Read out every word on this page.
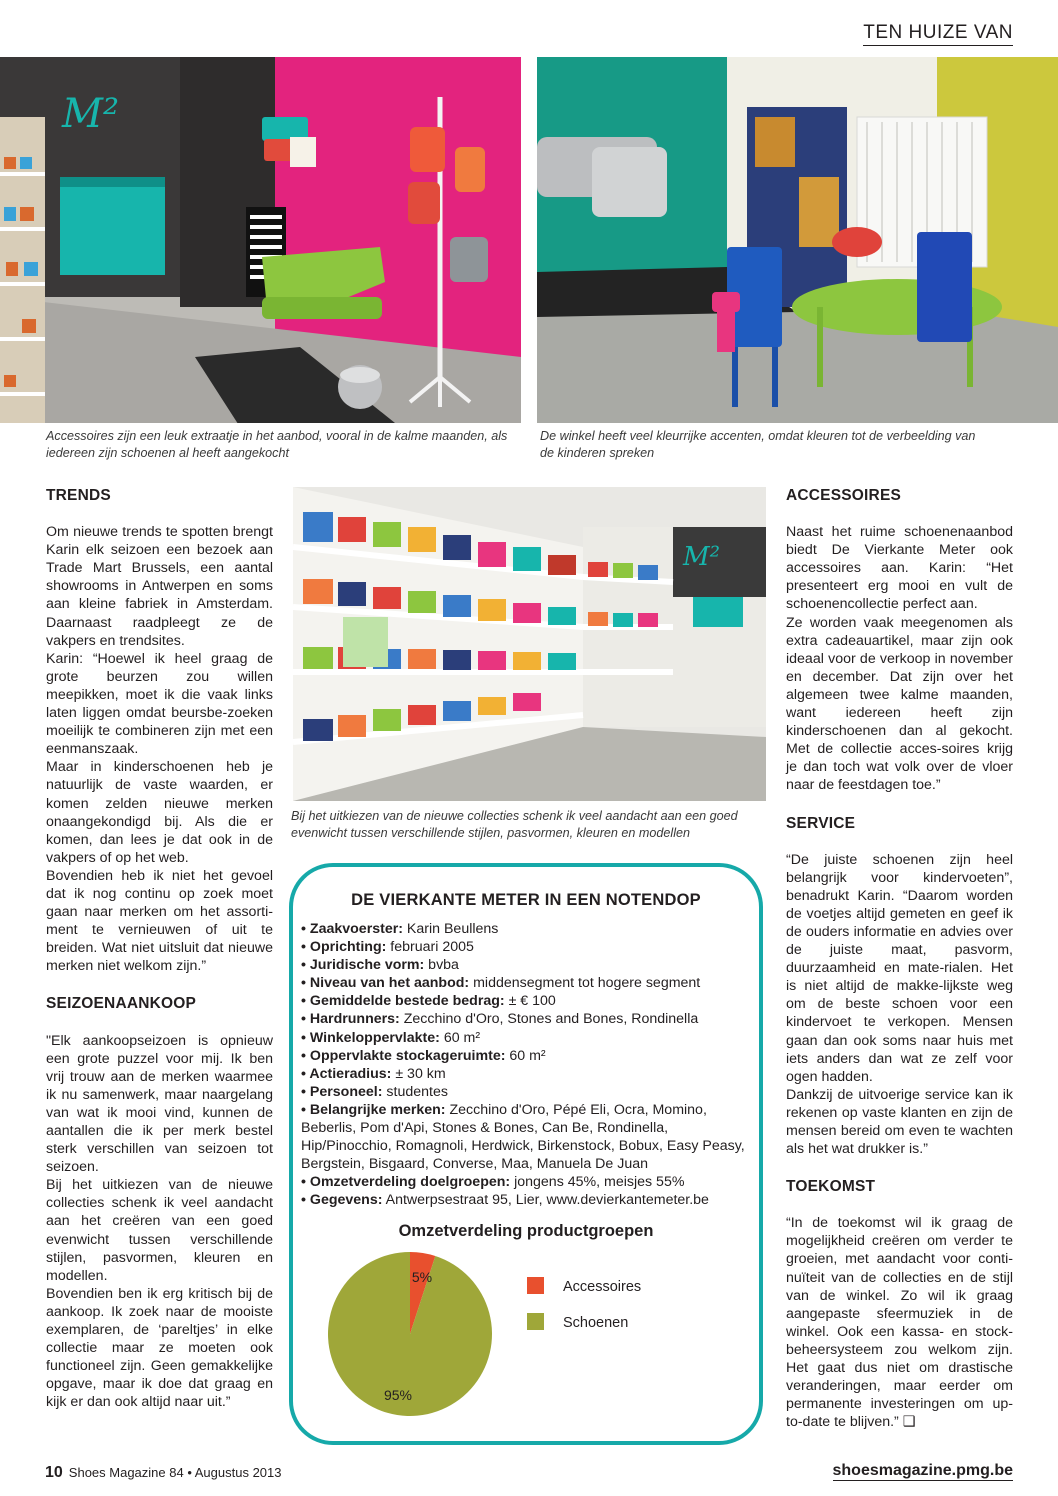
TEN HUIZE VAN
M²
Accessoires zijn een leuk extraatje in het aanbod, vooral in de kalme maanden, als iedereen zijn schoenen al heeft aangekocht
De winkel heeft veel kleurrijke accenten, omdat kleuren tot de verbeelding van de kinderen spreken
M²
Bij het uitkiezen van de nieuwe collecties schenk ik veel aandacht aan een goed evenwicht tussen verschillende stijlen, pasvormen, kleuren en modellen
TRENDS

Om nieuwe trends te spotten brengt Karin elk seizoen een bezoek aan Trade Mart Brussels, een aantal showrooms in Antwerpen en soms aan kleine fabriek in Amsterdam. Daarnaast raadpleegt ze de vakpers en trendsites.

Karin: “Hoewel ik heel graag de grote beurzen zou willen meepikken, moet ik die vaak links laten liggen omdat beursbe-zoeken moeilijk te combineren zijn met een eenmanszaak.

Maar in kinderschoenen heb je natuurlijk de vaste waarden, er komen zelden nieuwe merken onaangekondigd bij. Als die er komen, dan lees je dat ook in de vakpers of op het web.

Bovendien heb ik niet het gevoel dat ik nog continu op zoek moet gaan naar merken om het assorti-ment te vernieuwen of uit te breiden. Wat niet uitsluit dat nieuwe merken niet welkom zijn.”

SEIZOENAANKOOP

"Elk aankoopseizoen is opnieuw een grote puzzel voor mij. Ik ben vrij trouw aan de merken waarmee ik nu samenwerk, maar naargelang van wat ik mooi vind, kunnen de aantallen die ik per merk bestel sterk verschillen van seizoen tot seizoen.

Bij het uitkiezen van de nieuwe collecties schenk ik veel aandacht aan het creëren van een goed evenwicht tussen verschillende stijlen, pasvormen, kleuren en modellen.

Bovendien ben ik erg kritisch bij de aankoop. Ik zoek naar de mooiste exemplaren, de ‘pareltjes’ in elke collectie maar ze moeten ook functioneel zijn. Geen gemakkelijke opgave, maar ik doe dat graag en kijk er dan ook altijd naar uit.”

ACCESSOIRES

Naast het ruime schoenenaanbod biedt De Vierkante Meter ook accessoires aan. Karin: “Het presenteert erg mooi en vult de schoenencollectie perfect aan.

Ze worden vaak meegenomen als extra cadeauartikel, maar zijn ook ideaal voor de verkoop in november en december. Dat zijn over het algemeen twee kalme maanden, want iedereen heeft zijn kinderschoenen dan al gekocht. Met de collectie acces-soires krijg je dan toch wat volk over de vloer naar de feestdagen toe.”

SERVICE

“De juiste schoenen zijn heel belangrijk voor kindervoeten”, benadrukt Karin. “Daarom worden de voetjes altijd gemeten en geef ik de ouders informatie en advies over de juiste maat, pasvorm, duurzaamheid en mate-rialen. Het is niet altijd de makke-lijkste weg om de beste schoen voor een kindervoet te verkopen. Mensen gaan dan ook soms naar huis met iets anders dan wat ze zelf voor ogen hadden.

Dankzij de uitvoerige service kan ik rekenen op vaste klanten en zijn de mensen bereid om even te wachten als het wat drukker is.”

TOEKOMST

“In de toekomst wil ik graag de mogelijkheid creëren om verder te groeien, met aandacht voor conti-nuïteit van de collecties en de stijl van de winkel. Zo wil ik graag aangepaste sfeermuziek in de winkel. Ook een kassa- en stock-beheersysteem zou welkom zijn. Het gaat dus niet om drastische veranderingen, maar eerder om permanente investeringen om up-to-date te blijven.” ❑

DE VIERKANTE METER IN EEN NOTENDOP
• Zaakvoerster: Karin Beullens
• Oprichting: februari 2005
• Juridische vorm: bvba
• Niveau van het aanbod: middensegment tot hogere segment
• Gemiddelde bestede bedrag: ± € 100
• Hardrunners: Zecchino d'Oro, Stones and Bones, Rondinella
• Winkeloppervlakte: 60 m²
• Oppervlakte stockageruimte: 60 m²
• Actieradius: ± 30 km
• Personeel: studentes
• Belangrijke merken: Zecchino d'Oro, Pépé Eli, Ocra, Momino, Beberlis, Pom d'Api, Stones & Bones, Can Be, Rondinella, Hip/Pinocchio, Romagnoli, Herdwick, Birkenstock, Bobux, Easy Peasy, Bergstein, Bisgaard, Converse, Maa, Manuela De Juan
• Omzetverdeling doelgroepen: jongens 45%, meisjes 55%
• Gegevens: Antwerpsestraat 95, Lier, www.devierkantemeter.be
Omzetverdeling productgroepen
5%
95%
Accessoires
Schoenen
10 Shoes Magazine 84 • Augustus 2013	shoesmagazine.pmg.be
